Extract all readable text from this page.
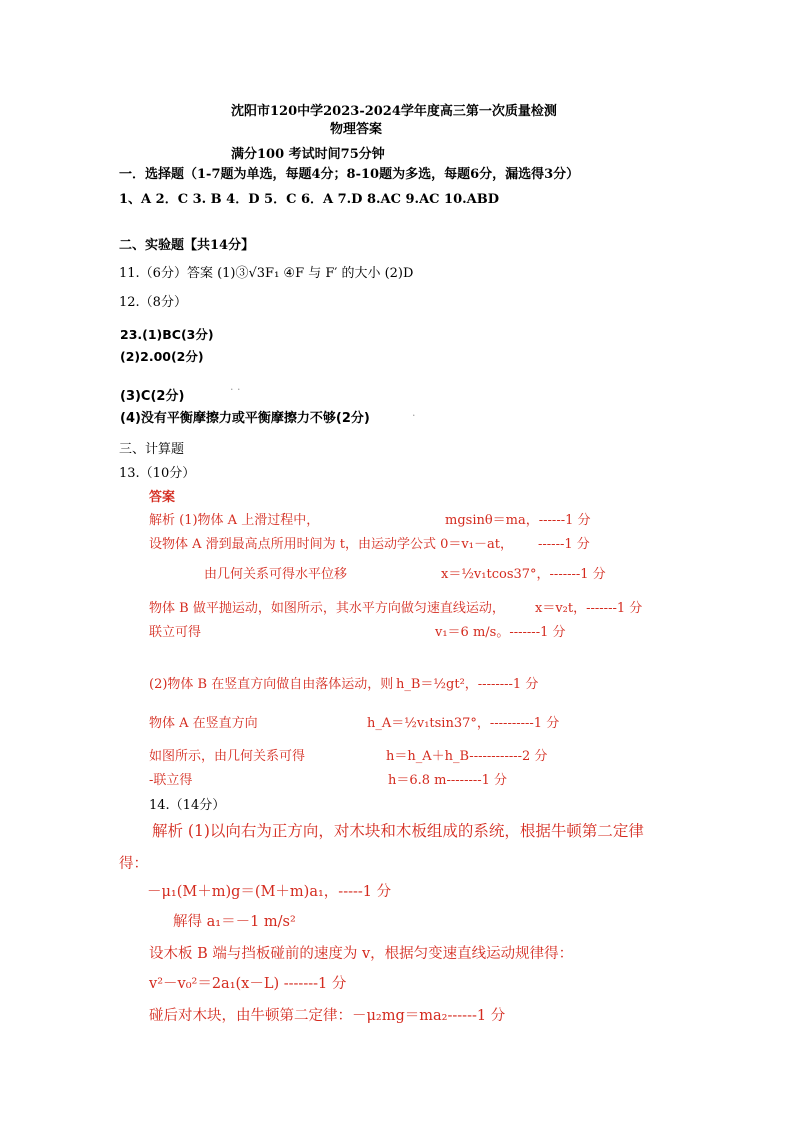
沈阳市120中学2023-2024学年度高三第一次质量检测
物理答案
满分100 考试时间75分钟
一．选择题（1-7题为单选，每题4分；8-10题为多选，每题6分，漏选得3分）
1、A 2．C 3. B 4．D 5．C 6．A 7.D 8.AC 9.AC 10.ABD
二、实验题【共14分】
11.（6分）答案 (1)③√3F₁ ④F 与 F′ 的大小 (2)D
12.（8分）
23.(1)BC(3分)
(2)2.00(2分)
(3)C(2分)	· ·
(4)没有平衡摩擦力或平衡摩擦力不够(2分)	·
三、计算题
13.（10分）
答案
解析 (1)物体 A 上滑过程中，	mgsinθ＝ma，------1 分
设物体 A 滑到最高点所用时间为 t，由运动学公式 0＝v₁－at， ------1 分
由几何关系可得水平位移	x＝½v₁tcos37°，-------1 分
物体 B 做平抛运动，如图所示，其水平方向做匀速直线运动， x＝v₂t，-------1 分
联立可得	v₁＝6 m/s。-------1 分
(2)物体 B 在竖直方向做自由落体运动，则 h_B＝½gt²，--------1 分
物体 A 在竖直方向	h_A＝½v₁tsin37°，----------1 分
如图所示，由几何关系可得	h＝h_A＋h_B------------2 分
-联立得	h＝6.8 m--------1 分
14.（14分）
解析 (1)以向右为正方向，对木块和木板组成的系统，根据牛顿第二定律
得：
－μ₁(M＋m)g＝(M＋m)a₁，-----1 分
解得 a₁＝－1 m/s²
设木板 B 端与挡板碰前的速度为 v，根据匀变速直线运动规律得：
v²－v₀²＝2a₁(x－L) -------1 分
碰后对木块，由牛顿第二定律：－μ₂mg＝ma₂------1 分
